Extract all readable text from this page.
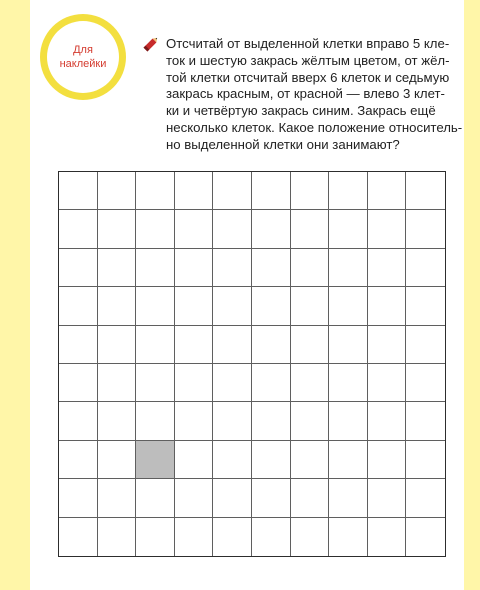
Для
наклейки
Отсчитай от выделенной клетки вправо 5 кле-
ток и шестую закрась жёлтым цветом, от жёл-
той клетки отсчитай вверх 6 клеток и седьмую
закрась красным, от красной — влево 3 клет-
ки и четвёртую закрась синим. Закрась ещё
несколько клеток. Какое положение относитель-
но выделенной клетки они занимают?
